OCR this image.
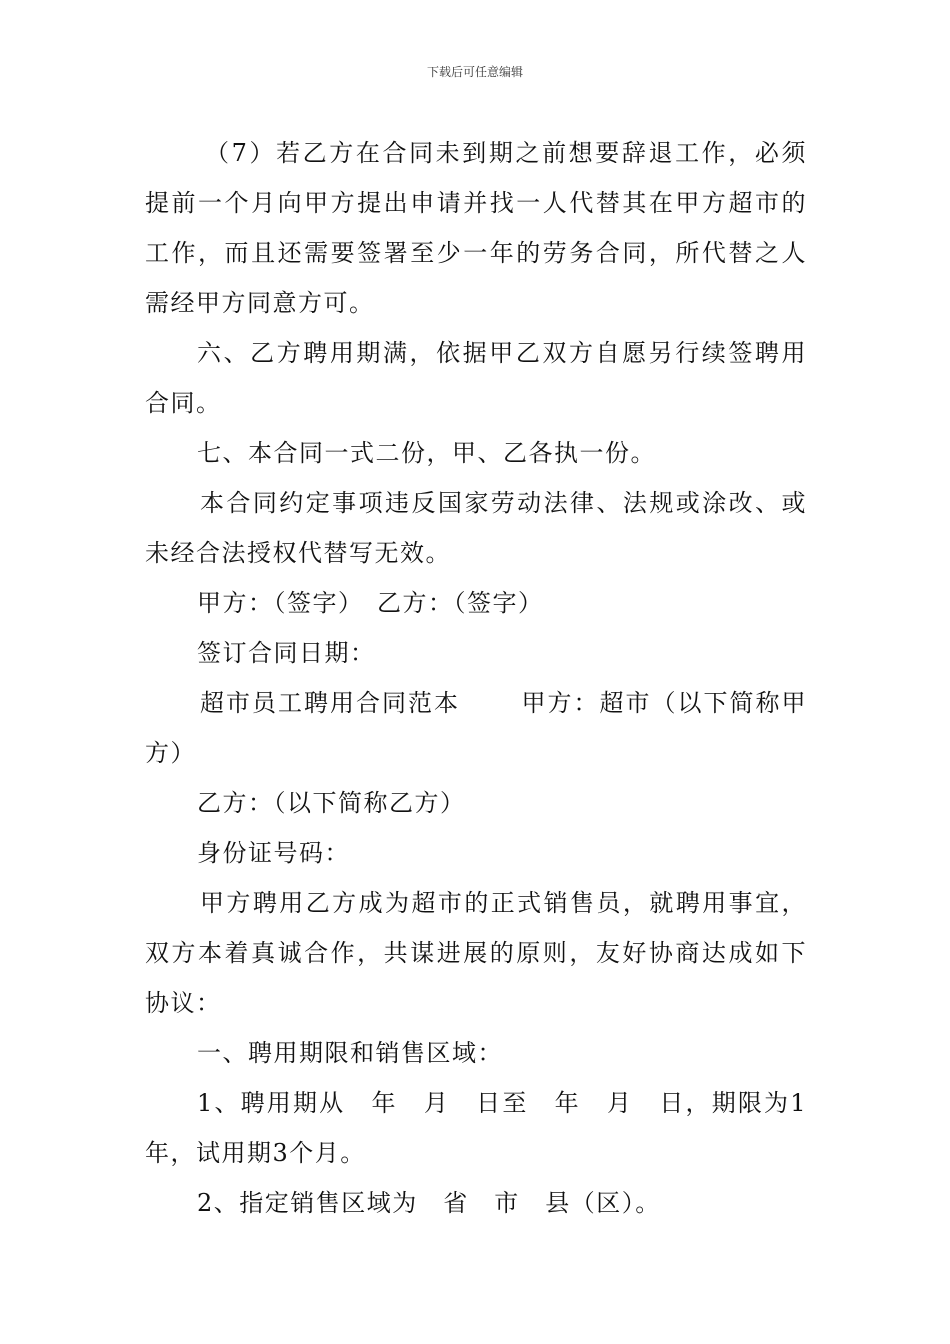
下载后可任意编辑

（7）若乙方在合同未到期之前想要辞退工作，必须提前一个月向甲方提出申请并找一人代替其在甲方超市的工作，而且还需要签署至少一年的劳务合同，所代替之人需经甲方同意方可。

六、乙方聘用期满，依据甲乙双方自愿另行续签聘用合同。

七、本合同一式二份，甲、乙各执一份。

本合同约定事项违反国家劳动法律、法规或涂改、或未经合法授权代替写无效。

甲方：（签字）　乙方：（签字）

签订合同日期：

超市员工聘用合同范本　　 甲方：超市（以下简称甲方）

乙方：（以下简称乙方）

身份证号码：

甲方聘用乙方成为超市的正式销售员，就聘用事宜，双方本着真诚合作，共谋进展的原则，友好协商达成如下协议：

一、聘用期限和销售区域：

1、聘用期从　年　月　日至　年　月　日，期限为1年，试用期3个月。

2、指定销售区域为　省　市　县（区）。
